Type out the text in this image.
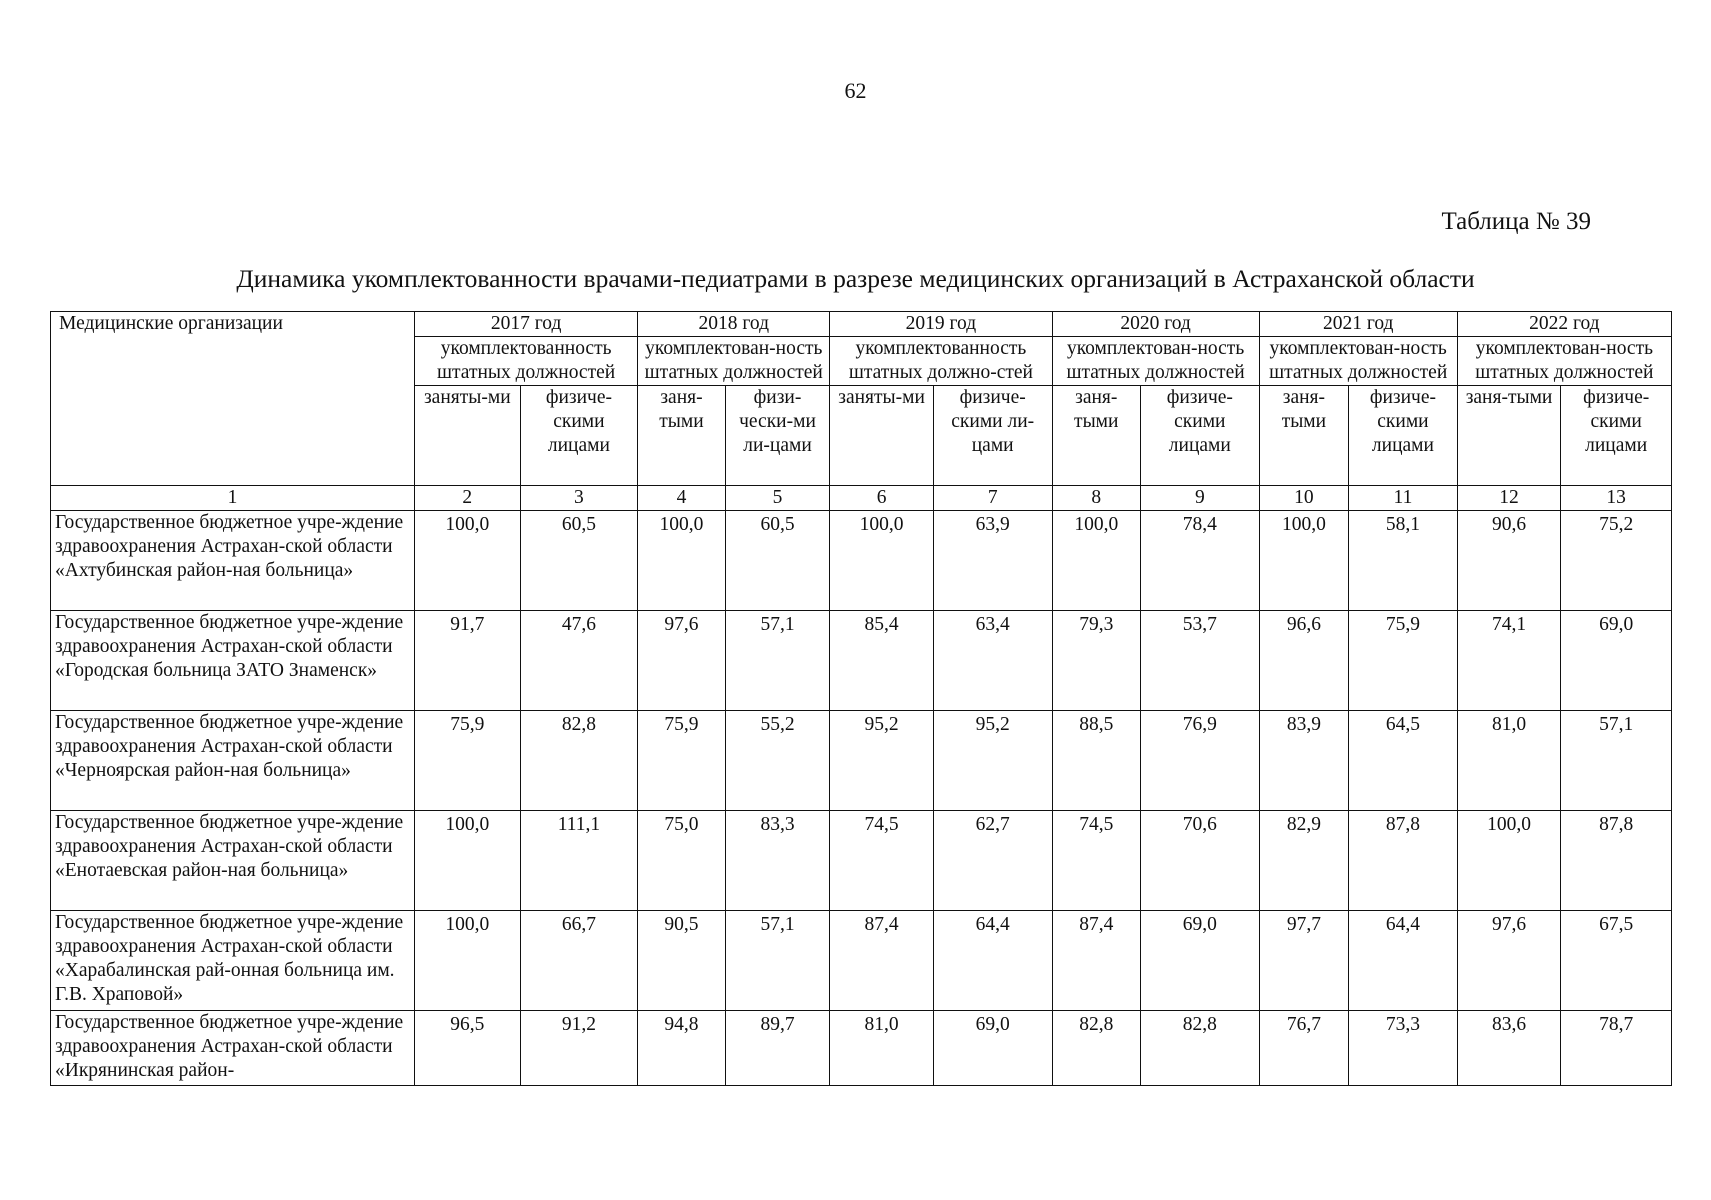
62
Таблица № 39
Динамика укомплектованности врачами-педиатрами в разрезе медицинских организаций в Астраханской области
Медицинские организации	2017 год		2018 год		2019 год		2020 год		2021 год		2022 год	
	укомплектованность штатных должностей		укомплектован-ность штатных должностей		укомплектованность штатных должно-стей		укомплектован-ность штатных должностей		укомплектован-ность штатных должностей		укомплектован-ность штатных должностей	
	заняты-ми	физиче-скими лицами	заня-тыми	физи-чески-ми ли-цами	заняты-ми	физиче-скими ли-цами	заня-тыми	физиче-скими лицами	заня-тыми	физиче-скими лицами	заня-тыми	физиче-скими лицами
1	2	3	4	5	6	7	8	9	10	11	12	13
Государственное бюджетное учре-ждение здравоохранения Астрахан-ской области «Ахтубинская район-ная больница»	100,0	60,5	100,0	60,5	100,0	63,9	100,0	78,4	100,0	58,1	90,6	75,2
Государственное бюджетное учре-ждение здравоохранения Астрахан-ской области «Городская больница ЗАТО Знаменск»	91,7	47,6	97,6	57,1	85,4	63,4	79,3	53,7	96,6	75,9	74,1	69,0
Государственное бюджетное учре-ждение здравоохранения Астрахан-ской области «Черноярская район-ная больница»	75,9	82,8	75,9	55,2	95,2	95,2	88,5	76,9	83,9	64,5	81,0	57,1
Государственное бюджетное учре-ждение здравоохранения Астрахан-ской области «Енотаевская район-ная больница»	100,0	111,1	75,0	83,3	74,5	62,7	74,5	70,6	82,9	87,8	100,0	87,8
Государственное бюджетное учре-ждение здравоохранения Астрахан-ской области «Харабалинская рай-онная больница им. Г.В. Храповой»	100,0	66,7	90,5	57,1	87,4	64,4	87,4	69,0	97,7	64,4	97,6	67,5
Государственное бюджетное учре-ждение здравоохранения Астрахан-ской области «Икрянинская район-	96,5	91,2	94,8	89,7	81,0	69,0	82,8	82,8	76,7	73,3	83,6	78,7
